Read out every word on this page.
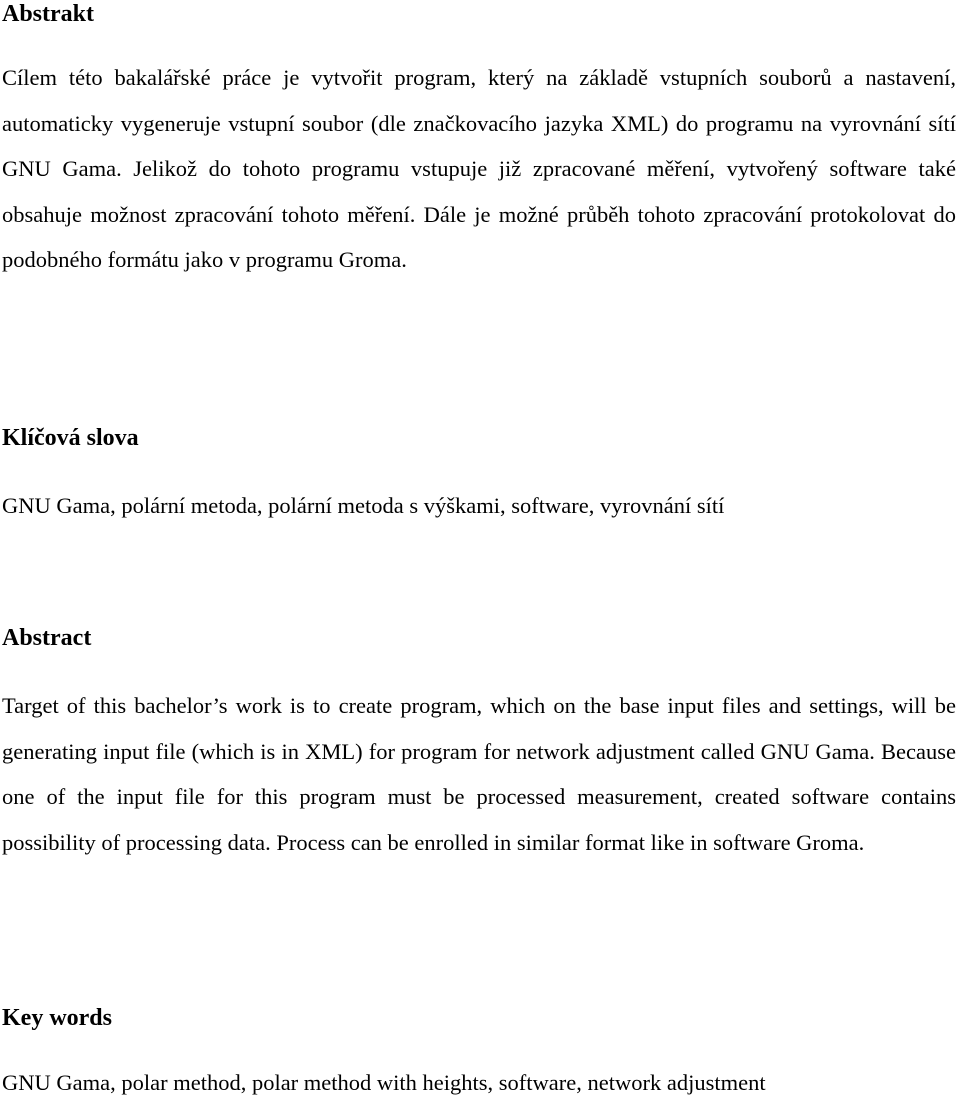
Abstrakt

Cílem této bakalářské práce je vytvořit program, který na základě vstupních souborů a nastavení, automaticky vygeneruje vstupní soubor (dle značkovacího jazyka XML) do programu na vyrovnání sítí GNU Gama. Jelikož do tohoto programu vstupuje již zpracované měření, vytvořený software také obsahuje možnost zpracování tohoto měření. Dále je možné průběh tohoto zpracování protokolovat do podobného formátu jako v programu Groma.

Klíčová slova

GNU Gama, polární metoda, polární metoda s výškami, software, vyrovnání sítí

Abstract

Target of this bachelor’s work is to create program, which on the base input files and settings, will be generating input file (which is in XML) for program for network adjustment called GNU Gama. Because one of the input file for this program must be processed measurement, created software contains possibility of processing data. Process can be enrolled in similar format like in software Groma.

Key words

GNU Gama, polar method, polar method with heights, software, network adjustment
